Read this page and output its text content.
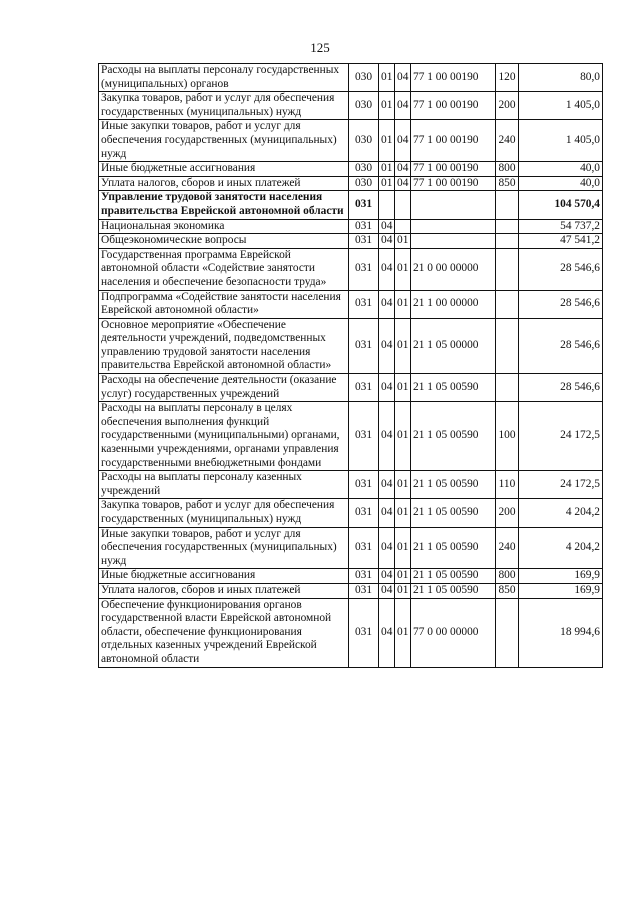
125
Расходы на выплаты персоналу государственных (муниципальных) органов	030	01	04	77 1 00 00190	120	80,0
Закупка товаров, работ и услуг для обеспечения государственных (муниципальных) нужд	030	01	04	77 1 00 00190	200	1 405,0
Иные закупки товаров, работ и услуг для обеспечения государственных (муниципальных) нужд	030	01	04	77 1 00 00190	240	1 405,0
Иные бюджетные ассигнования	030	01	04	77 1 00 00190	800	40,0
Уплата налогов, сборов и иных платежей	030	01	04	77 1 00 00190	850	40,0
Управление трудовой занятости населения правительства Еврейской автономной области	031					104 570,4
Национальная экономика	031	04				54 737,2
Общеэкономические вопросы	031	04	01			47 541,2
Государственная программа Еврейской автономной области «Содействие занятости населения и обеспечение безопасности труда»	031	04	01	21 0 00 00000		28 546,6
Подпрограмма «Содействие занятости населения Еврейской автономной области»	031	04	01	21 1 00 00000		28 546,6
Основное мероприятие «Обеспечение деятельности учреждений, подведомственных управлению трудовой занятости населения правительства Еврейской автономной области»	031	04	01	21 1 05 00000		28 546,6
Расходы на обеспечение деятельности (оказание услуг) государственных учреждений	031	04	01	21 1 05 00590		28 546,6
Расходы на выплаты персоналу в целях обеспечения выполнения функций государственными (муниципальными) органами, казенными учреждениями, органами управления государственными внебюджетными фондами	031	04	01	21 1 05 00590	100	24 172,5
Расходы на выплаты персоналу казенных учреждений	031	04	01	21 1 05 00590	110	24 172,5
Закупка товаров, работ и услуг для обеспечения государственных (муниципальных) нужд	031	04	01	21 1 05 00590	200	4 204,2
Иные закупки товаров, работ и услуг для обеспечения государственных (муниципальных) нужд	031	04	01	21 1 05 00590	240	4 204,2
Иные бюджетные ассигнования	031	04	01	21 1 05 00590	800	169,9
Уплата налогов, сборов и иных платежей	031	04	01	21 1 05 00590	850	169,9
Обеспечение функционирования органов государственной власти Еврейской автономной области, обеспечение функционирования отдельных казенных учреждений Еврейской автономной области	031	04	01	77 0 00 00000		18 994,6
